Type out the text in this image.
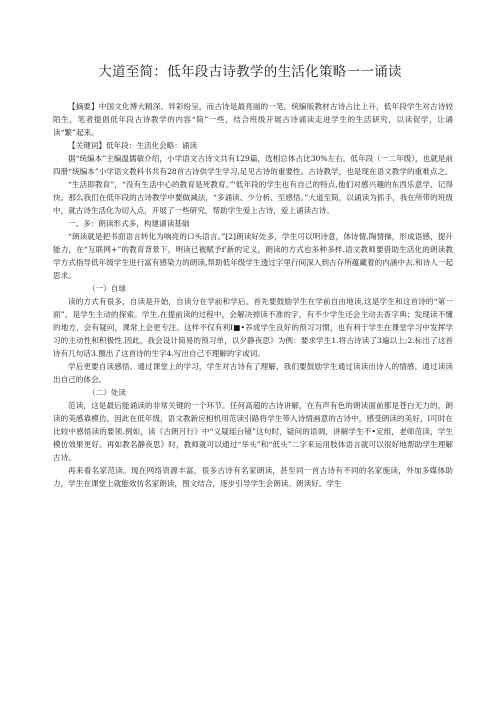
大道至简：低年段古诗教学的生活化策略一一诵读

【摘要】中国文化博大精深、异彩纷呈，而古诗是最亮丽的一笔，统编版教材古诗占比上升，低年段学生对古诗较陌生，笔者提倡低年段古诗教学的内容“简”一些，结合班级开展古诗诵读走进学生的生活研究，以读促学，让诵读“繁”起来。

【关键词】低年段：生活化会略：诵读

据“统编本”主编温儒敏介绍，小学语文古诗文共有129篇，选相总体占比30%左右，低年段（一二年级），也就是前四册“统编本”小学语文教科书共有28首古诗供学生学习,足见古诗的重要性。古诗教学，也是现在语文教学的重难点之。

“生活即教育”，“没有生活中心的教育是死教育。”'低年段的学生也有自己的特点,他们对感兴趣的东西乐意学、记得快。那么我们在低年段的古诗教学中要做减法，“多诵读、少分析、至感悟。”大道至简，以诵读为抓手，我在所带的班级中，就古诗生活化为切入点，开展了一些研究，帮助学生爱上古诗，爱上诵读古诗。

一、多：朗读形式多，构建诵读基础

“朗读就是把书面语言转化为响亮的口头语言。”[2]朗读好处多，学生可以明诗意，体诗情,陶情操，形成语感，提升能力，在“互联网+”的教育背景下，明读已被赋予f'新的定义，朗读的方式也多种多样.语文教师要借助生活化的朗读教学方式指导低年级学生进行富有感染力的朗读,帮助低年级学生透过字里行间深入到古存所蕴藏着的内涵中去.和诗人一起思求。

（一）自球

读的方式有很多，自读是开始，自读分在学前和学后。首先要鼓励学生在学前自由地读,这是学生和这首诗的“第一面”，是学生主动的探索。学生.在提前读的过程中，会解决掉读不准的字，有不少学生还会主动去查字典；发现读不懂的地方，会有疑问，课常上会更专注。这样不仅有利I■•养成学生良好的预习习惯，也有利于学生在课堂学习中发挥学习的主动性和积极性.因此，我会设计简易的预习单，以夕静夜思》为例：要求学生1.将古诗读了3遍以上;2.标出了这首诗有几句话3.圈出了这首诗的生字4.写出自己不理解的字或词。

学后更要自读感悟。通过课堂上的学习，学生对古诗有了理解，我们要鼓励学生通过读读出诗人的情感，通过读读出自己的体会。

（二）处读

范读，这是最后能诵读的非常关键的一个环节。任何高超的古诗讲解，在有声有色的朗读面前都是苍白无力的，朗读的美感靠模仿。因此在低年级，语文教新应相机用范读引路将学生带入诗情画意的古诗中，感受朗读的美好，l可时在比较中感悟读的要领.例如，读《古朗月行》中“义疑瑶台镜”这句时，疑问的语调，讲解学生不•定组，老师范读，学生模仿效果更好。再如教名静夜思》时，教师就可以通过“举头”和“低头”二字来运用肢体语言就可以很好地帮助学生理解古诗。

再来看名家范读。现在网络资源丰富，很多古诗有名家朗读，甚至同一首古诗有不同的名家施读，外加多媒体助力，学生在课堂上就能效仿名家朗读，图文结合，逐步引导学生会朗读、朗读好。学生
